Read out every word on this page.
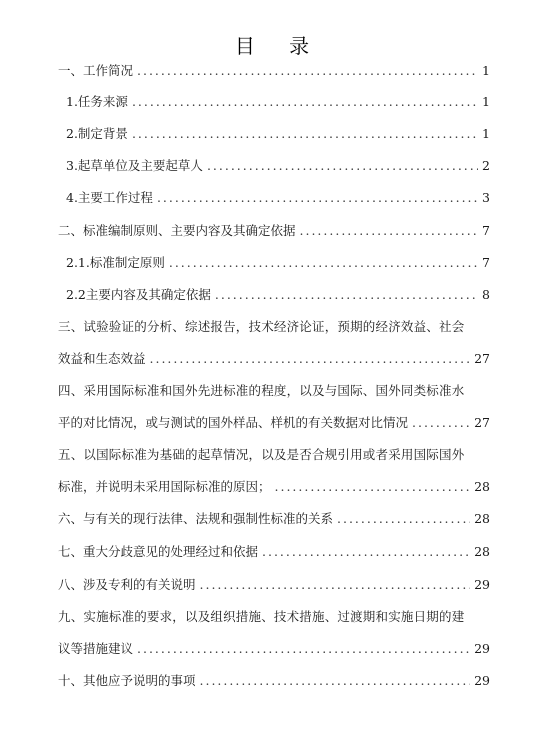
目 录
一、工作简况 .....	1
1.任务来源 .....	1
2.制定背景 .....	1
3.起草单位及主要起草人 .....	2
4.主要工作过程 .....	3
二、标准编制原则、主要内容及其确定依据 .....	7
2.1.标准制定原则 .....	7
2.2主要内容及其确定依据 .....	8
三、试验验证的分析、综述报告，技术经济论证，预期的经济效益、社会
效益和生态效益 .....	27
四、采用国际标准和国外先进标准的程度，以及与国际、国外同类标准水
平的对比情况，或与测试的国外样品、样机的有关数据对比情况 .....	27
五、以国际标准为基础的起草情况，以及是否合规引用或者采用国际国外
标准，并说明未采用国际标准的原因； .....	28
六、与有关的现行法律、法规和强制性标准的关系 .....	28
七、重大分歧意见的处理经过和依据 .....	28
八、涉及专利的有关说明 .....	29
九、实施标准的要求，以及组织措施、技术措施、过渡期和实施日期的建
议等措施建议 .....	29
十、其他应予说明的事项 .....	29
